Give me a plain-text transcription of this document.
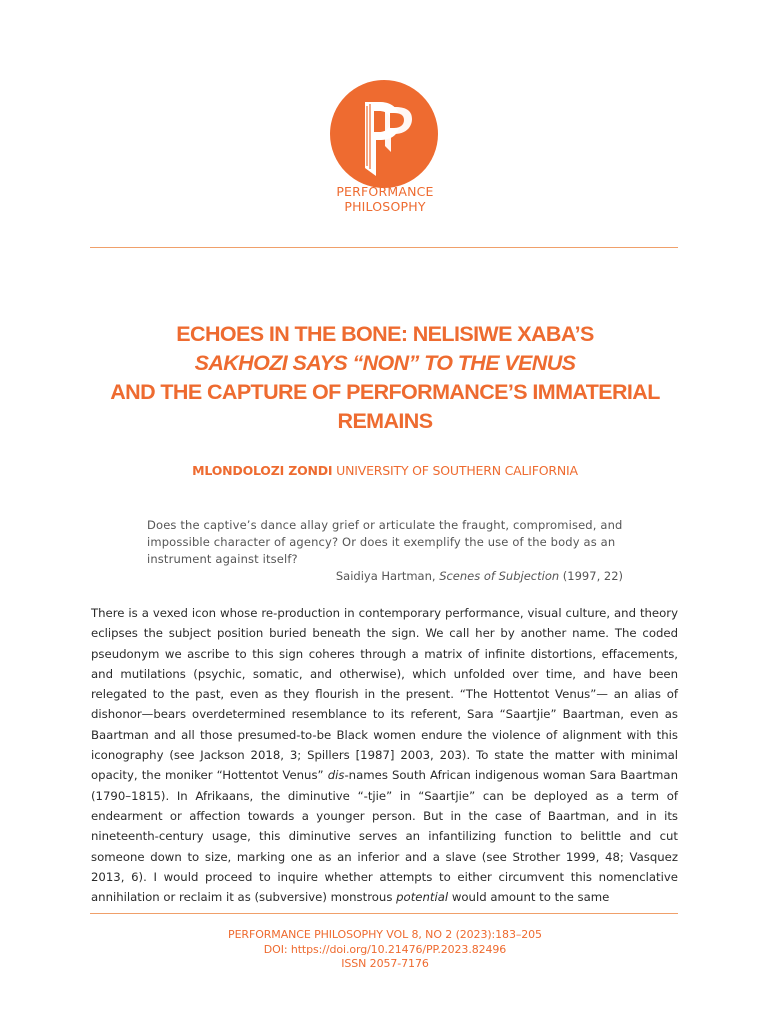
PERFORMANCE
PHILOSOPHY
ECHOES IN THE BONE: NELISIWE XABA’S
SAKHOZI SAYS “NON” TO THE VENUS
AND THE CAPTURE OF PERFORMANCE’S IMMATERIAL
REMAINS
MLONDOLOZI ZONDI UNIVERSITY OF SOUTHERN CALIFORNIA
Does the captive’s dance allay grief or articulate the fraught, compromised, and impossible character of agency? Or does it exemplify the use of the body as an instrument against itself?
Saidiya Hartman, Scenes of Subjection (1997, 22)
There is a vexed icon whose re-production in contemporary performance, visual culture, and theory eclipses the subject position buried beneath the sign. We call her by another name. The coded pseudonym we ascribe to this sign coheres through a matrix of infinite distortions, effacements, and mutilations (psychic, somatic, and otherwise), which unfolded over time, and have been relegated to the past, even as they flourish in the present. “The Hottentot Venus”— an alias of dishonor—bears overdetermined resemblance to its referent, Sara “Saartjie” Baartman, even as Baartman and all those presumed-to-be Black women endure the violence of alignment with this iconography (see Jackson 2018, 3; Spillers [1987] 2003, 203). To state the matter with minimal opacity, the moniker “Hottentot Venus” dis-names South African indigenous woman Sara Baartman (1790–1815). In Afrikaans, the diminutive “-tjie” in “Saartjie” can be deployed as a term of endearment or affection towards a younger person. But in the case of Baartman, and in its nineteenth-century usage, this diminutive serves an infantilizing function to belittle and cut someone down to size, marking one as an inferior and a slave (see Strother 1999, 48; Vasquez 2013, 6). I would proceed to inquire whether attempts to either circumvent this nomenclative annihilation or reclaim it as (subversive) monstrous potential would amount to the same
PERFORMANCE PHILOSOPHY VOL 8, NO 2 (2023):183–205
DOI: https://doi.org/10.21476/PP.2023.82496
ISSN 2057-7176
